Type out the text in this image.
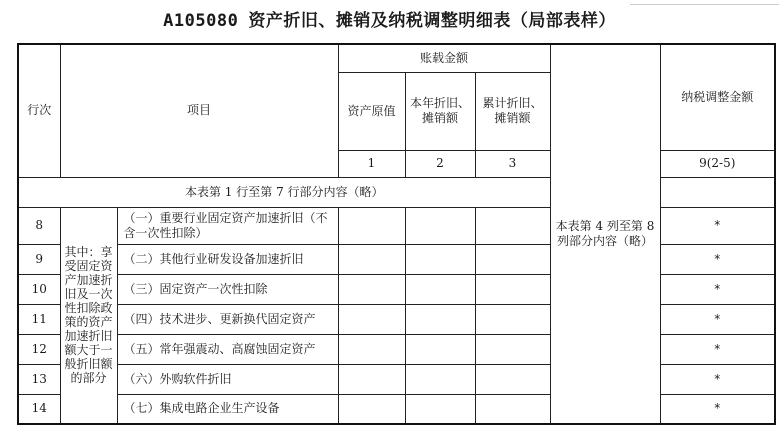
A105080 资产折旧、摊销及纳税调整明细表（局部表样）
行次	项目		账载金额			本表第 4 列至第 8 列部分内容（略）	纳税调整金额
			资产原值	本年折旧、摊销额	累计折旧、摊销额		
			1	2	3		9(2-5)
本表第 1 行至第 7 行部分内容（略）							
8	其中：享受固定资产加速折旧及一次性扣除政策的资产加速折旧额大于一般折旧额的部分	（一）重要行业固定资产加速折旧（不含一次性扣除）					*
9		（二）其他行业研发设备加速折旧					*
10		（三）固定资产一次性扣除					*
11		（四）技术进步、更新换代固定资产					*
12		（五）常年强震动、高腐蚀固定资产					*
13		（六）外购软件折旧					*
14		（七）集成电路企业生产设备					*
